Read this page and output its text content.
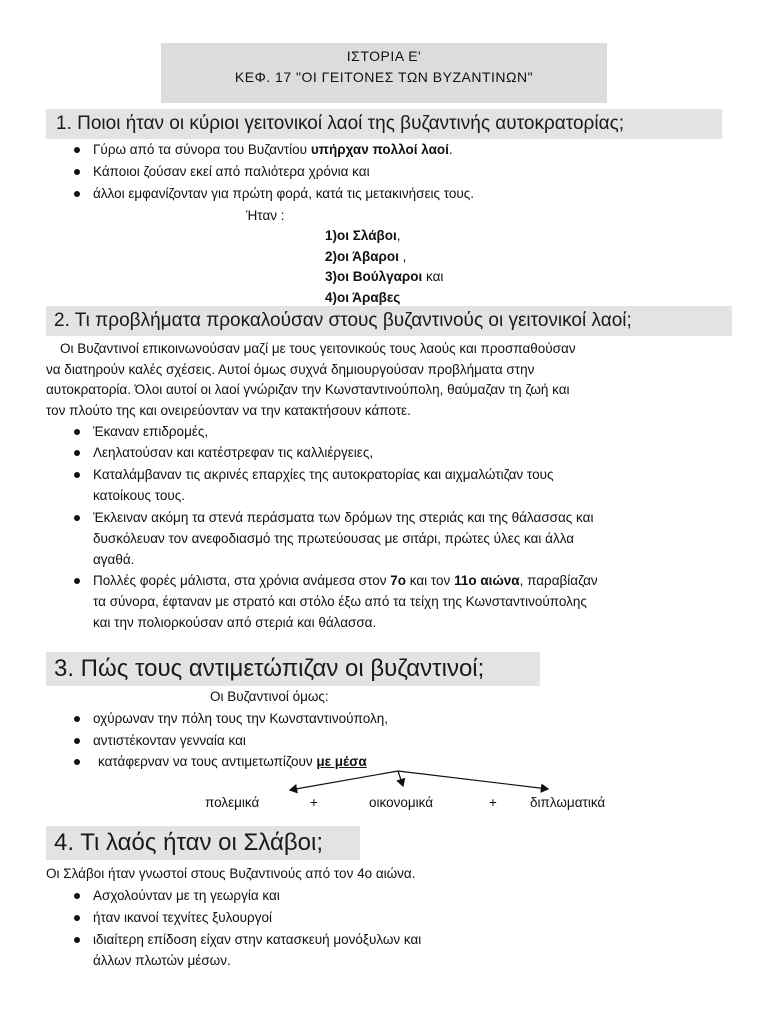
ΙΣΤΟΡΙΑ Ε'
ΚΕΦ. 17 "ΟΙ ΓΕΙΤΟΝΕΣ ΤΩΝ ΒΥΖΑΝΤΙΝΩΝ"
1. Ποιοι ήταν οι κύριοι γειτονικοί λαοί της βυζαντινής αυτοκρατορίας;
Γύρω από τα σύνορα του Βυζαντίου υπήρχαν πολλοί λαοί.
Κάποιοι ζούσαν εκεί από παλιότερα χρόνια και
άλλοι εμφανίζονταν για πρώτη φορά, κατά τις μετακινήσεις τους.
Ήταν :
1)οι Σλάβοι,
2)οι Άβαροι ,
3)οι Βούλγαροι και
4)οι Άραβες
2. Τι προβλήματα προκαλούσαν στους βυζαντινούς οι γειτονικοί λαοί;
Οι Βυζαντινοί επικοινωνούσαν μαζί με τους γειτονικούς τους λαούς και προσπαθούσαν
να διατηρούν καλές σχέσεις. Αυτοί όμως συχνά δημιουργούσαν προβλήματα στην
αυτοκρατορία. Όλοι αυτοί οι λαοί γνώριζαν την Κωνσταντινούπολη, θαύμαζαν τη ζωή και
τον πλούτο της και ονειρεύονταν να την κατακτήσουν κάποτε.
Έκαναν επιδρομές,
Λεηλατούσαν και κατέστρεφαν τις καλλιέργειες,
Καταλάμβαναν τις ακρινές επαρχίες της αυτοκρατορίας και αιχμαλώτιζαν τους
κατοίκους τους.
Έκλειναν ακόμη τα στενά περάσματα των δρόμων της στεριάς και της θάλασσας και
δυσκόλευαν τον ανεφοδιασμό της πρωτεύουσας με σιτάρι, πρώτες ύλες και άλλα
αγαθά.
Πολλές φορές μάλιστα, στα χρόνια ανάμεσα στον 7ο και τον 11ο αιώνα, παραβίαζαν
τα σύνορα, έφταναν με στρατό και στόλο έξω από τα τείχη της Κωνσταντινούπολης
και την πολιορκούσαν από στεριά και θάλασσα.
3. Πώς τους αντιμετώπιζαν οι βυζαντινοί;
Οι Βυζαντινοί όμως:
οχύρωναν την πόλη τους την Κωνσταντινούπολη,
αντιστέκονταν γενναία και
κατάφερναν να τους αντιμετωπίζουν με μέσα
πολεμικά	+	οικονομικά	+ διπλωματικά
4. Τι λαός ήταν οι Σλάβοι;
Οι Σλάβοι ήταν γνωστοί στους Βυζαντινούς από τον 4ο αιώνα.
Ασχολούνταν με τη γεωργία και
ήταν ικανοί τεχνίτες ξυλουργοί
ιδιαίτερη επίδοση είχαν στην κατασκευή μονόξυλων και
άλλων πλωτών μέσων.
